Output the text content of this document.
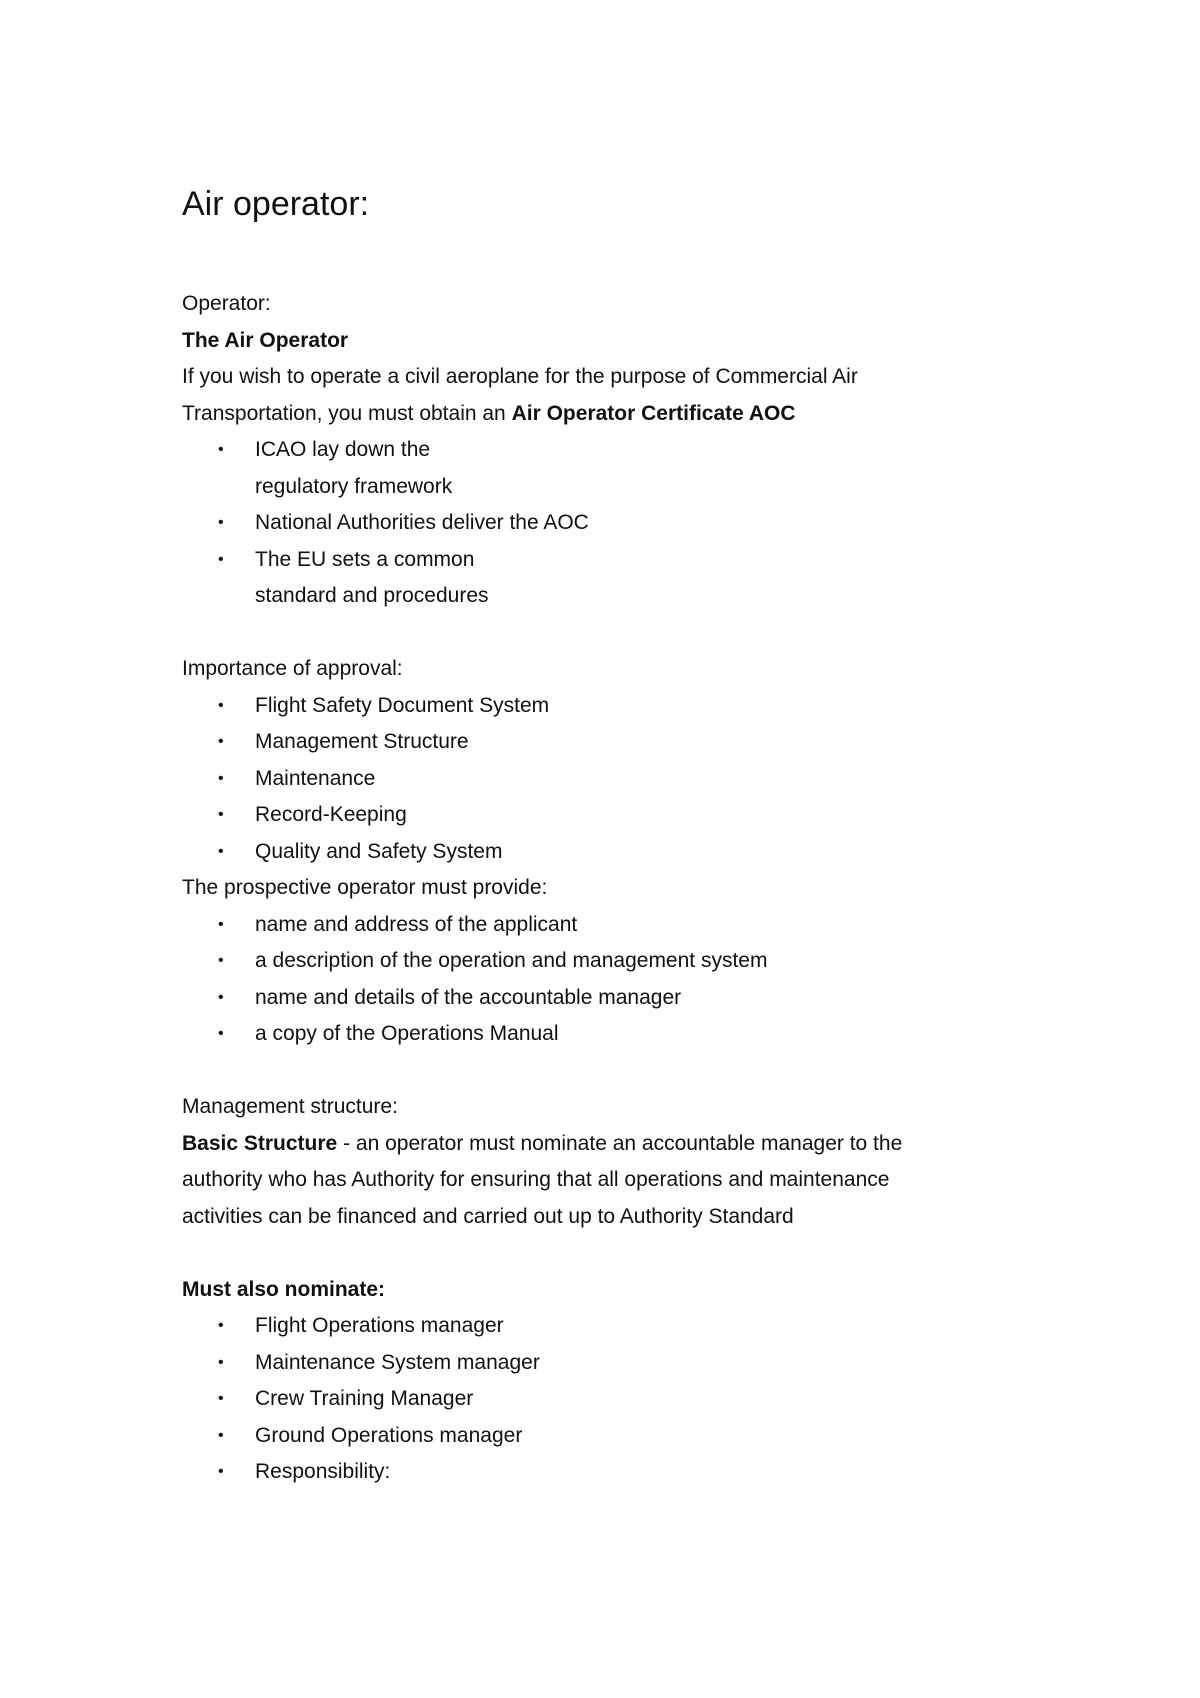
Air operator:

Operator:

The Air Operator

If you wish to operate a civil aeroplane for the purpose of Commercial Air

Transportation, you must obtain an Air Operator Certificate AOC

• ICAO lay down the
regulatory framework
• National Authorities deliver the AOC
• The EU sets a common
standard and procedures

Importance of approval:

• Flight Safety Document System
• Management Structure
• Maintenance
• Record-Keeping
• Quality and Safety System

The prospective operator must provide:

• name and address of the applicant
• a description of the operation and management system
• name and details of the accountable manager
• a copy of the Operations Manual

Management structure:

Basic Structure - an operator must nominate an accountable manager to the

authority who has Authority for ensuring that all operations and maintenance

activities can be financed and carried out up to Authority Standard

Must also nominate:

• Flight Operations manager
• Maintenance System manager
• Crew Training Manager
• Ground Operations manager
• Responsibility:
